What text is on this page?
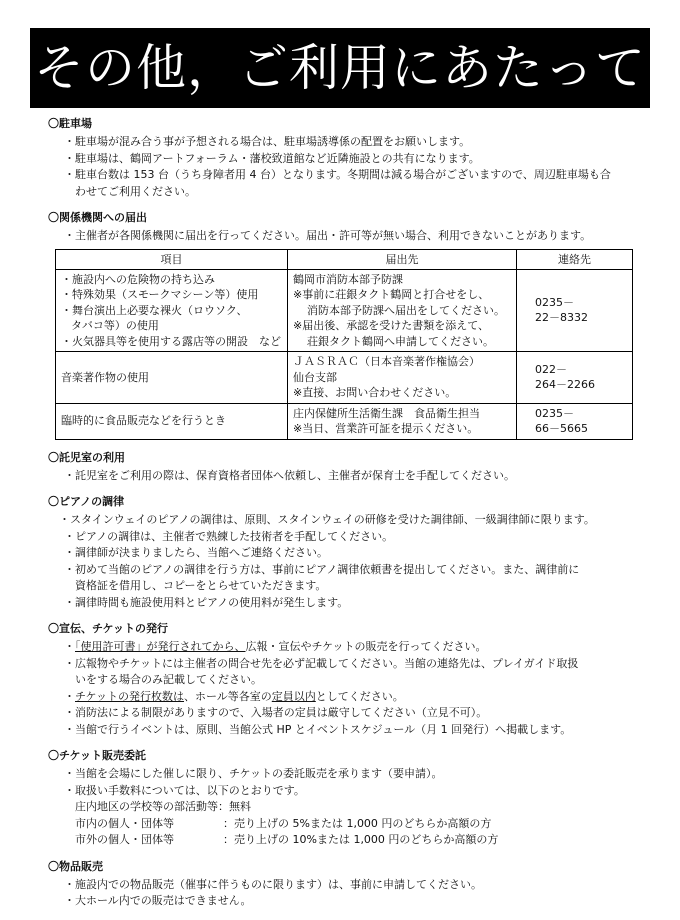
その他，ご利用にあたって
〇駐車場
・駐車場が混み合う事が予想される場合は、駐車場誘導係の配置をお願いします。
・駐車場は、鶴岡アートフォーラム・藩校致道館など近隣施設との共有になります。
・駐車台数は 153 台（うち身障者用 4 台）となります。冬期間は減る場合がございますので、周辺駐車場も合
わせてご利用ください。
〇関係機関への届出
・主催者が各関係機関に届出を行ってください。届出・許可等が無い場合、利用できないことがあります。
項目	届出先	連絡先

・施設内への危険物の持ち込み
・特殊効果（スモークマシーン等）使用
・舞台演出上必要な裸火（ロウソク、
タバコ等）の使用
・火気器具等を使用する露店等の開設　など	鶴岡市消防本部予防課
※事前に荘銀タクト鶴岡と打合せをし、
消防本部予防課へ届出をしてください。
※届出後、承認を受けた書類を添えて、
荘銀タクト鶴岡へ申請してください。	0235－
22－8332

音楽著作物の使用	ＪＡＳＲＡＣ（日本音楽著作権協会）
仙台支部
※直接、お問い合わせください。	022－
264－2266

臨時的に食品販売などを行うとき	庄内保健所生活衛生課　食品衛生担当
※当日、営業許可証を提示ください。	0235－
66－5665
〇託児室の利用
・託児室をご利用の際は、保育資格者団体へ依頼し、主催者が保育士を手配してください。
〇ピアノの調律
・スタインウェイのピアノの調律は、原則、スタインウェイの研修を受けた調律師、一級調律師に限ります。
・ピアノの調律は、主催者で熟練した技術者を手配してください。
・調律師が決まりましたら、当館へご連絡ください。
・初めて当館のピアノの調律を行う方は、事前にピアノ調律依頼書を提出してください。また、調律前に
資格証を借用し、コピーをとらせていただきます。
・調律時間も施設使用料とピアノの使用料が発生します。
〇宣伝、チケットの発行
・「使用許可書」が発行されてから、広報・宣伝やチケットの販売を行ってください。
・広報物やチケットには主催者の問合せ先を必ず記載してください。当館の連絡先は、プレイガイド取扱
いをする場合のみ記載してください。
・チケットの発行枚数は、ホール等各室の定員以内としてください。
・消防法による制限がありますので、入場者の定員は厳守してください（立見不可）。
・当館で行うイベントは、原則、当館公式 HP とイベントスケジュール（月 1 回発行）へ掲載します。
〇チケット販売委託
・当館を会場にした催しに限り、チケットの委託販売を承ります（要申請）。
・取扱い手数料については、以下のとおりです。
庄内地区の学校等の部活動等：無料
市内の個人・団体等	：売り上げの 5%または 1,000 円のどちらか高額の方
市外の個人・団体等	：売り上げの 10%または 1,000 円のどちらか高額の方
〇物品販売
・施設内での物品販売（催事に伴うものに限ります）は、事前に申請してください。
・大ホール内での販売はできません。
